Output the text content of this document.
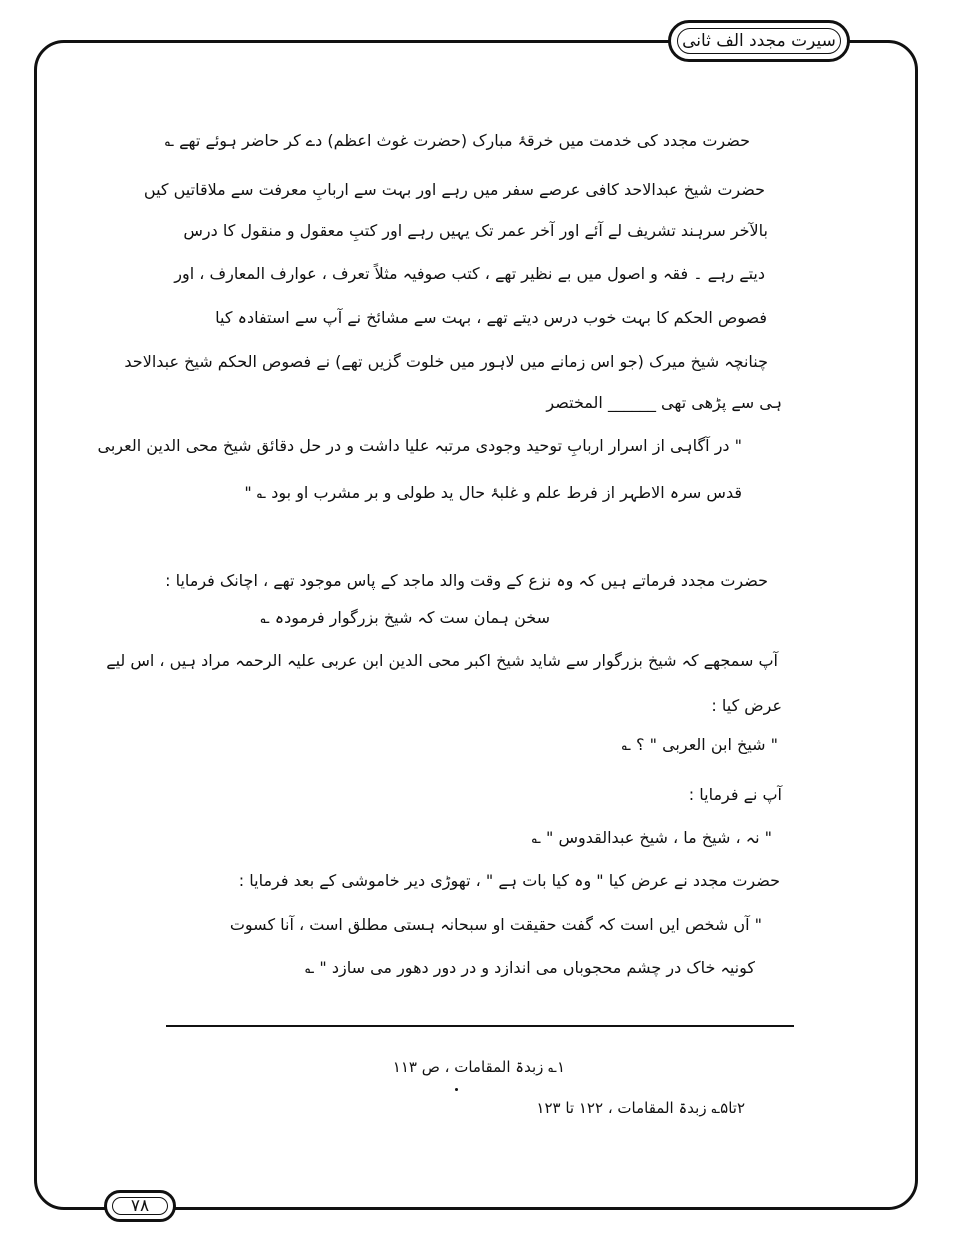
سیرت مجدد الف ثانی
حضرت مجدد کی خدمت میں خرقۂ مبارک (حضرت غوث اعظم) دے کر حاضر ہوئے تھے ؎
حضرت شیخ عبدالاحد کافی عرصے سفر میں رہے اور بہت سے اربابِ معرفت سے ملاقاتیں کیں
بالآخر سرہند تشریف لے آئے اور آخر عمر تک یہیں رہے اور کتبِ معقول و منقول کا درس
دیتے رہے ۔ فقہ و اصول میں بے نظیر تھے ، کتب صوفیہ مثلاً تعرف ، عوارف المعارف ، اور
فصوص الحکم کا بہت خوب درس دیتے تھے ، بہت سے مشائخ نے آپ سے استفادہ کیا
چنانچہ شیخ میرک (جو اس زمانے میں لاہور میں خلوت گزیں تھے) نے فصوص الحکم شیخ عبدالاحد
ہی سے پڑھی تھی ______ المختصر
" در آگاہی از اسرار اربابِ توحید وجودی مرتبہ علیا داشت و در حل دقائق شیخ محی الدین العربی
قدس سرہ الاطہر از فرط علم و غلبۂ حال ید طولی و بر مشرب او بود ؎ "
حضرت مجدد فرماتے ہیں کہ وہ نزع کے وقت والد ماجد کے پاس موجود تھے ، اچانک فرمایا :
سخن ہمان ست کہ شیخ بزرگوار فرمودہ ؎
آپ سمجھے کہ شیخ بزرگوار سے شاید شیخ اکبر محی الدین ابن عربی علیہ الرحمہ مراد ہیں ، اس لیے
عرض کیا :
" شیخ ابن العربی " ؟ ؎
آپ نے فرمایا :
" نہ ، شیخ ما ، شیخ عبدالقدوس " ؎
حضرت مجدد نے عرض کیا " وہ کیا بات ہے " ، تھوڑی دیر خاموشی کے بعد فرمایا :
" آں شخص ایں است کہ گفت حقیقت او سبحانہ ہستی مطلق است ، آنا کسوت
کونیہ خاک در چشم محجوباں می اندازد و در دور دھور می سازد " ؎
۱؎ زبدۃ المقامات ، ص ۱۱۳
۲تا۵؎ زبدۃ المقامات ، ۱۲۲ تا ۱۲۳
۷۸
